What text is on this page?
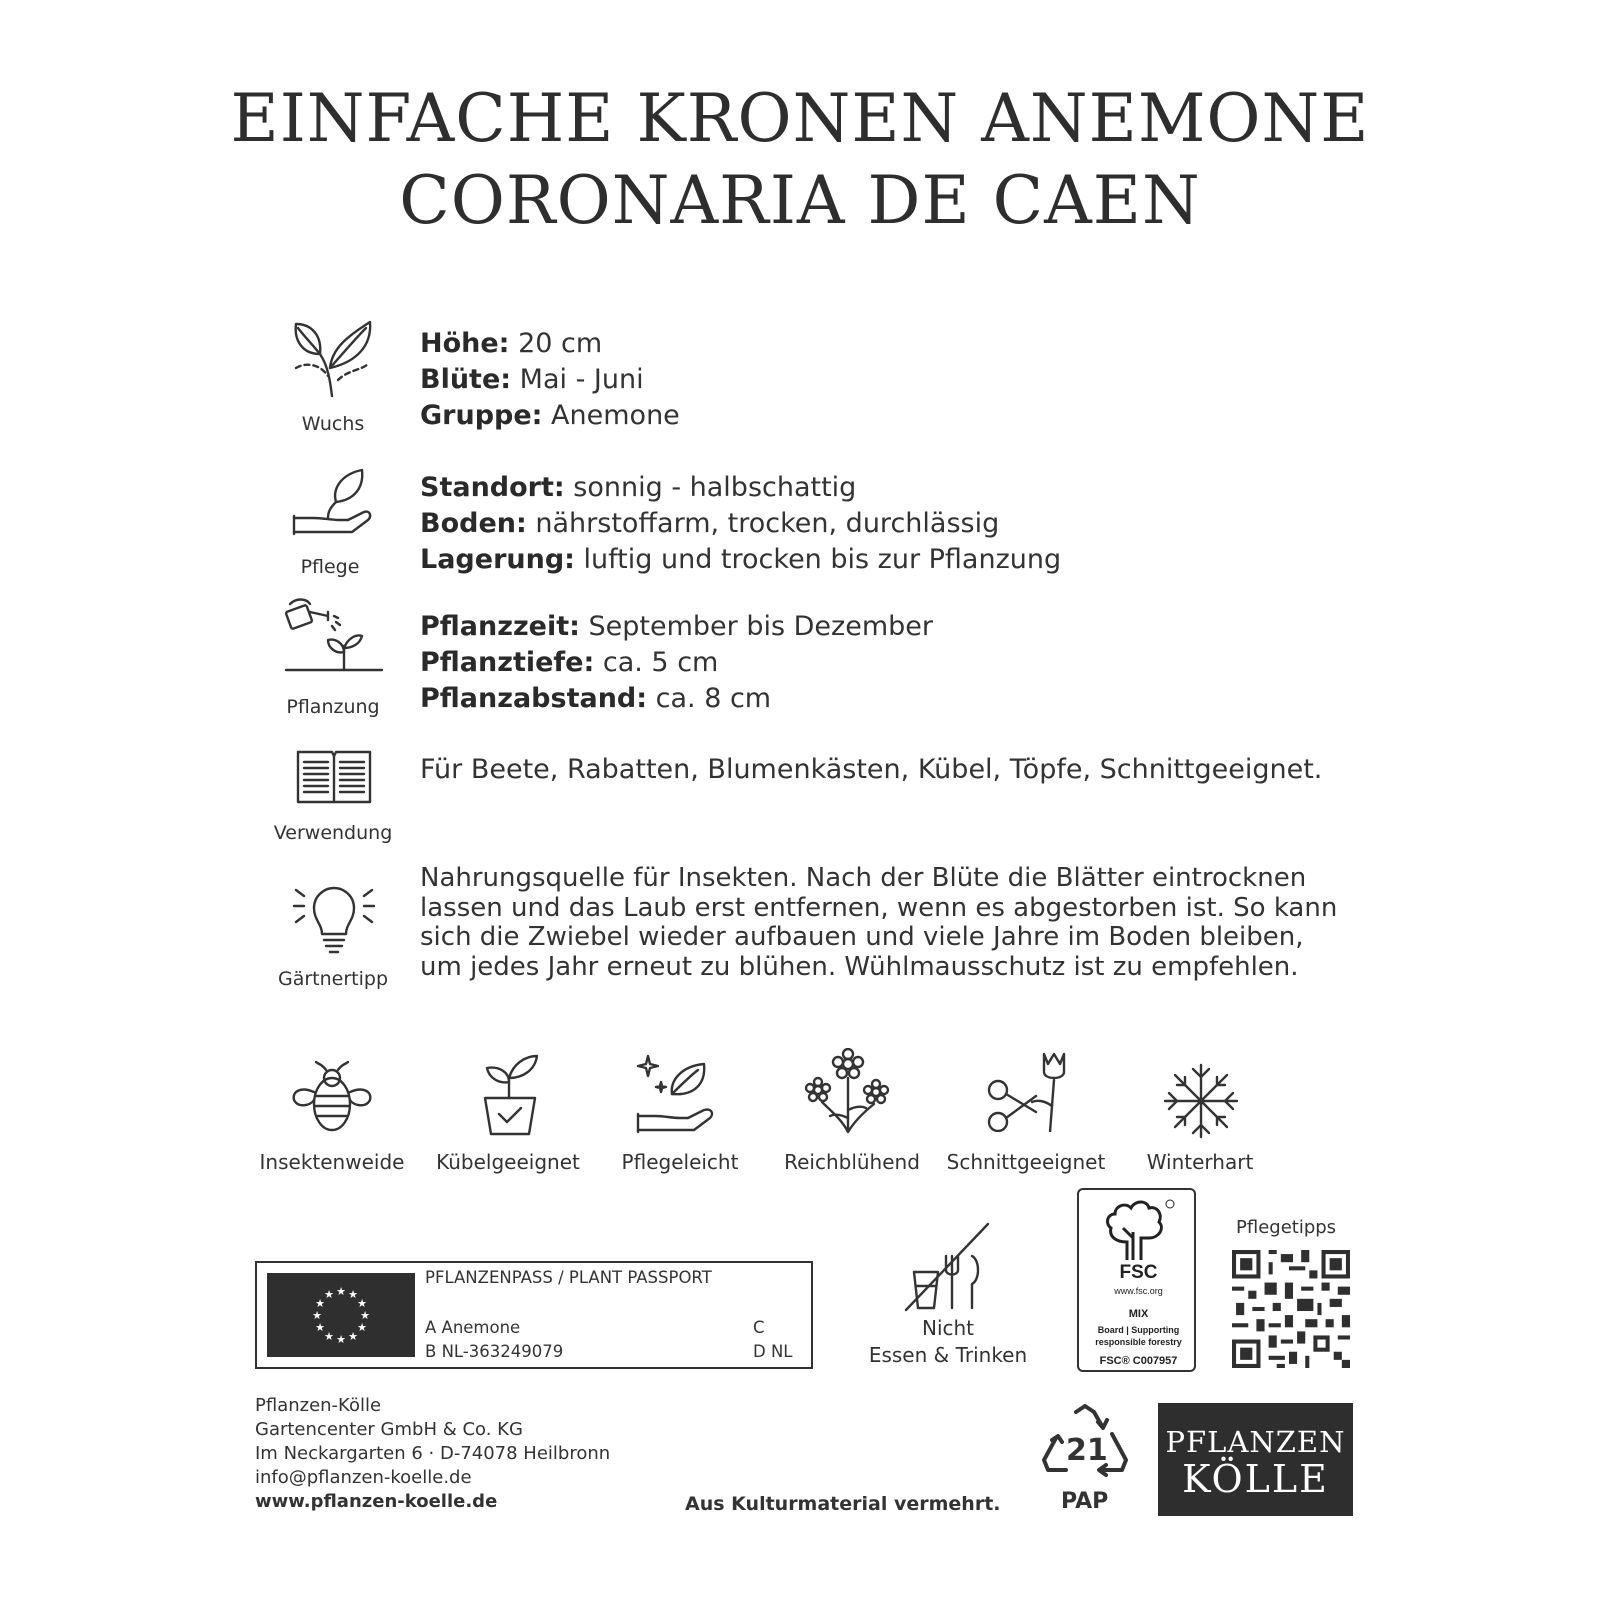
EINFACHE KRONEN ANEMONE
CORONARIA DE CAEN
Wuchs
Höhe: 20 cm
Blüte: Mai - Juni
Gruppe: Anemone
Pflege
Standort: sonnig - halbschattig
Boden: nährstoffarm, trocken, durchlässig
Lagerung: luftig und trocken bis zur Pflanzung
Pflanzung
Pflanzzeit: September bis Dezember
Pflanztiefe: ca. 5 cm
Pflanzabstand: ca. 8 cm
Verwendung
Für Beete, Rabatten, Blumenkästen, Kübel, Töpfe, Schnittgeeignet.
Gärtnertipp
Nahrungsquelle für Insekten. Nach der Blüte die Blätter eintrocknen lassen und das Laub erst entfernen, wenn es abgestorben ist. So kann sich die Zwiebel wieder aufbauen und viele Jahre im Boden bleiben, um jedes Jahr erneut zu blühen. Wühlmausschutz ist zu empfehlen.
Insektenweide	Kübelgeeignet	Pflegeleicht	Reichblühend	Schnittgeeignet	Winterhart
★ ★
★
★
★
★
★
★
★
★
★
★
PFLANZENPASS / PLANT PASSPORT
A Anemone
B NL-363249079
C
D NL
Nicht
Essen & Trinken
FSC
www.fsc.org
MIX
Board | Supporting
responsible forestry
FSC® C007957
Pflegetipps
Pflanzen-Kölle
Gartencenter GmbH & Co. KG
Im Neckargarten 6 · D-74078 Heilbronn
info@pflanzen-koelle.de
www.pflanzen-koelle.de	Aus Kulturmaterial vermehrt.
21
PAP
PFLANZEN
KÖLLE
